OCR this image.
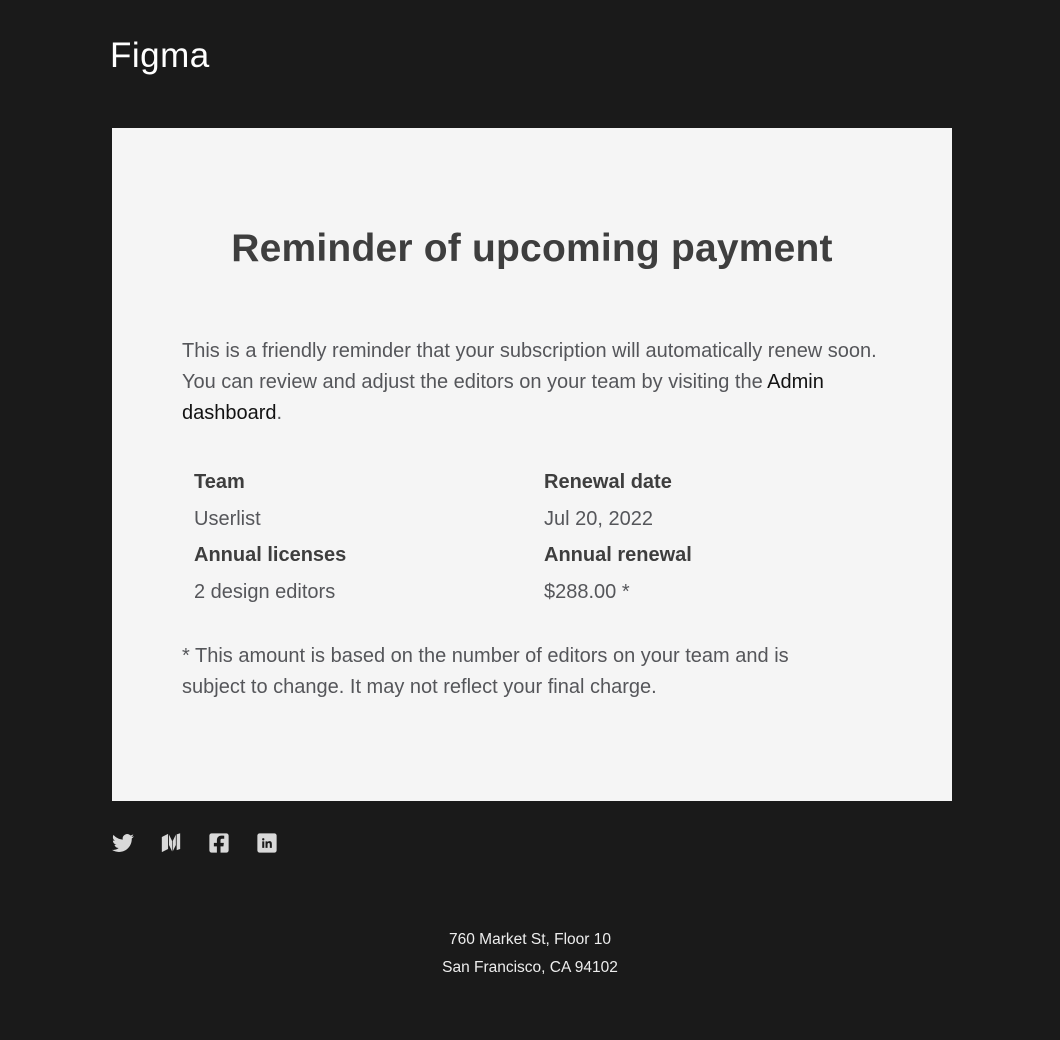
Figma
Reminder of upcoming payment

This is a friendly reminder that your subscription will automatically renew soon. You can review and adjust the editors on your team by visiting the Admin dashboard.

Team
Userlist
Annual licenses
2 design editors
Renewal date
Jul 20, 2022
Annual renewal
$288.00 *

* This amount is based on the number of editors on your team and is subject to change. It may not reflect your final charge.

760 Market St, Floor 10
San Francisco, CA 94102
